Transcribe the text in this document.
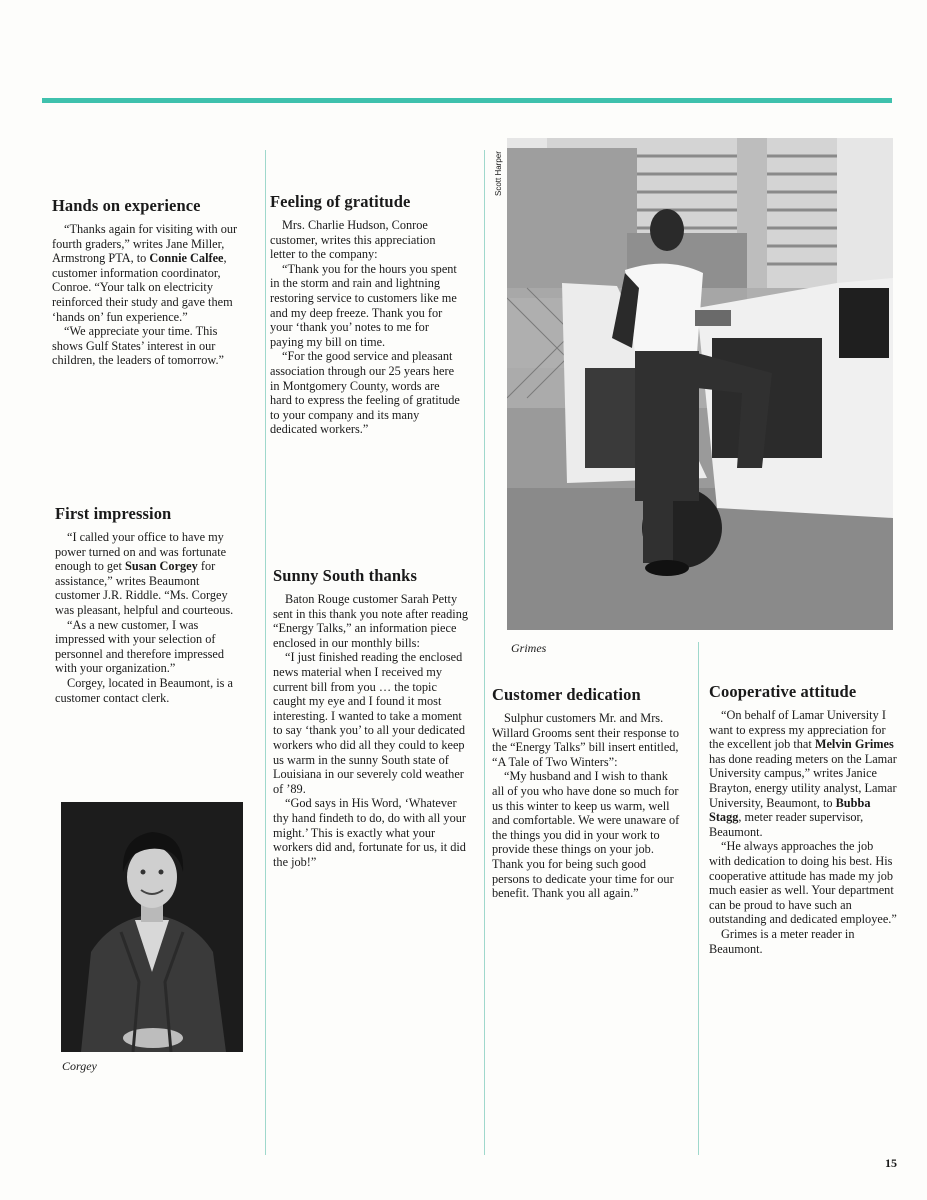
Hands on experience

“Thanks again for visiting with our fourth graders,” writes Jane Miller, Armstrong PTA, to Connie Calfee, customer information coordinator, Conroe. “Your talk on electricity reinforced their study and gave them ‘hands on’ fun experience.”

“We appreciate your time. This shows Gulf States’ interest in our children, the leaders of tomorrow.”

First impression

“I called your office to have my power turned on and was fortunate enough to get Susan Corgey for assistance,” writes Beaumont customer J.R. Riddle. “Ms. Corgey was pleasant, helpful and courteous.

“As a new customer, I was impressed with your selection of personnel and therefore impressed with your organization.”

Corgey, located in Beaumont, is a customer contact clerk.

Feeling of gratitude

Mrs. Charlie Hudson, Conroe customer, writes this appreciation letter to the company:

“Thank you for the hours you spent in the storm and rain and lightning restoring service to customers like me and my deep freeze. Thank you for your ‘thank you’ notes to me for paying my bill on time.

“For the good service and pleasant association through our 25 years here in Montgomery County, words are hard to express the feeling of gratitude to your company and its many dedicated workers.”

Sunny South thanks

Baton Rouge customer Sarah Petty sent in this thank you note after reading “Energy Talks,” an information piece enclosed in our monthly bills:

“I just finished reading the enclosed news material when I received my current bill from you … the topic caught my eye and I found it most interesting. I wanted to take a moment to say ‘thank you’ to all your dedicated workers who did all they could to keep us warm in the sunny South state of Louisiana in our severely cold weather of ’89.

“God says in His Word, ‘Whatever thy hand findeth to do, do with all your might.’ This is exactly what your workers did and, fortunate for us, it did the job!”

Customer dedication

Sulphur customers Mr. and Mrs. Willard Grooms sent their response to the “Energy Talks” bill insert entitled, “A Tale of Two Winters”:

“My husband and I wish to thank all of you who have done so much for us this winter to keep us warm, well and comfortable. We were unaware of the things you did in your work to provide these things on your job. Thank you for being such good persons to dedicate your time for our benefit. Thank you all again.”

Cooperative attitude

“On behalf of Lamar University I want to express my appreciation for the excellent job that Melvin Grimes has done reading meters on the Lamar University campus,” writes Janice Brayton, energy utility analyst, Lamar University, Beaumont, to Bubba Stagg, meter reader supervisor, Beaumont.

“He always approaches the job with dedication to doing his best. His cooperative attitude has made my job much easier as well. Your department can be proud to have such an outstanding and dedicated employee.”

Grimes is a meter reader in Beaumont.

Corgey
Scott Harper
Grimes
15
